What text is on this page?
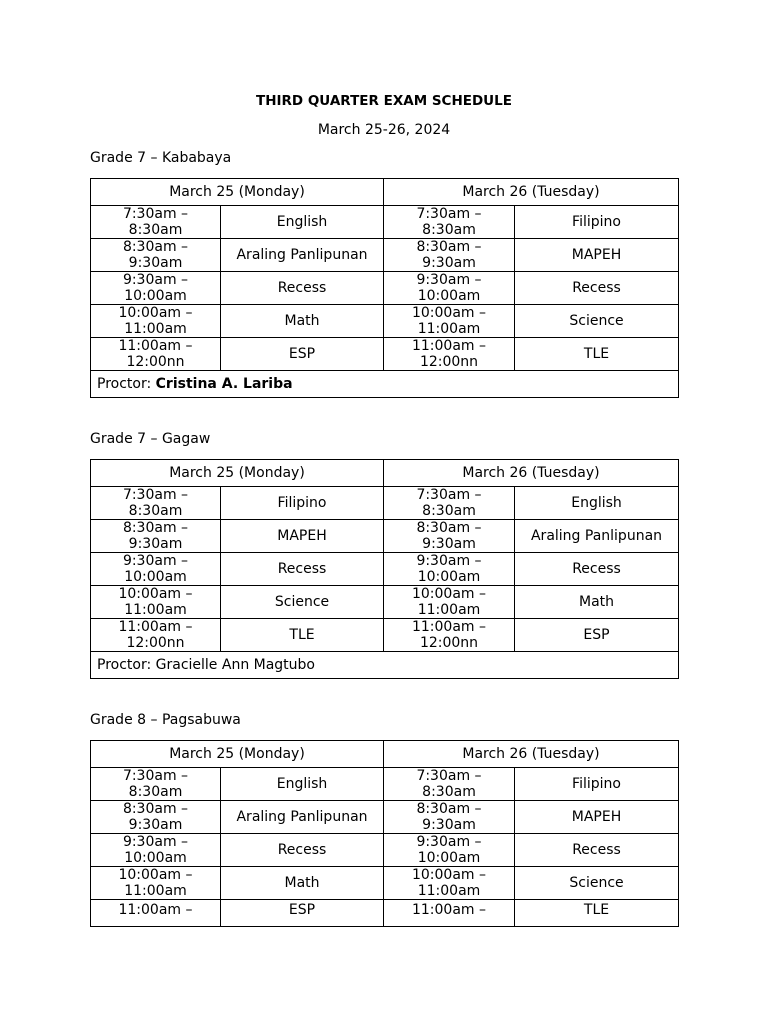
THIRD QUARTER EXAM SCHEDULE
March 25-26, 2024
Grade 7 – Kababaya
March 25 (Monday)		March 26 (Tuesday)	

7:30am –
8:30am	English	7:30am –
8:30am	Filipino

8:30am –
9:30am	Araling Panlipunan	8:30am –
9:30am	MAPEH

9:30am –
10:00am	Recess	9:30am –
10:00am	Recess

10:00am –
11:00am	Math	10:00am –
11:00am	Science

11:00am –
12:00nn	ESP	11:00am –
12:00nn	TLE
Proctor: Cristina A. Lariba			
Grade 7 – Gagaw
March 25 (Monday)		March 26 (Tuesday)	

7:30am –
8:30am	Filipino	7:30am –
8:30am	English

8:30am –
9:30am	MAPEH	8:30am –
9:30am	Araling Panlipunan

9:30am –
10:00am	Recess	9:30am –
10:00am	Recess

10:00am –
11:00am	Science	10:00am –
11:00am	Math

11:00am –
12:00nn	TLE	11:00am –
12:00nn	ESP
Proctor: Gracielle Ann Magtubo			
Grade 8 – Pagsabuwa
March 25 (Monday)		March 26 (Tuesday)	

7:30am –
8:30am	English	7:30am –
8:30am	Filipino

8:30am –
9:30am	Araling Panlipunan	8:30am –
9:30am	MAPEH

9:30am –
10:00am	Recess	9:30am –
10:00am	Recess

10:00am –
11:00am	Math	10:00am –
11:00am	Science
11:00am –	ESP	11:00am –	TLE
